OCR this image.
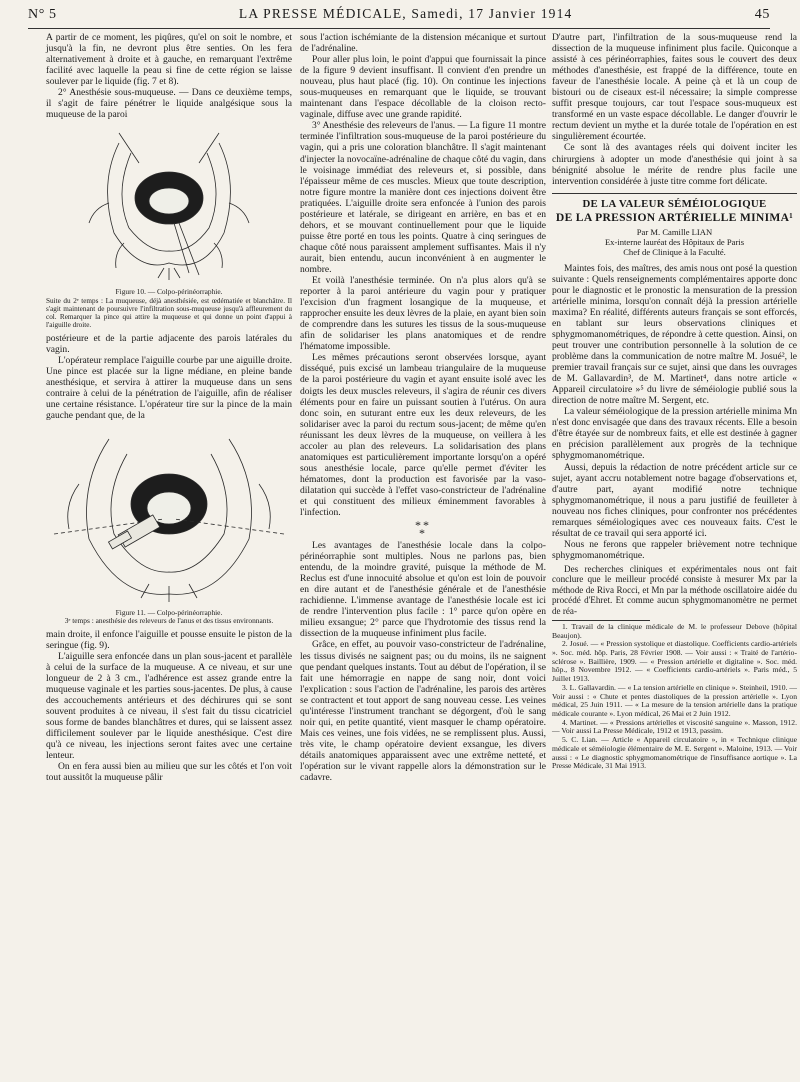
N° 5	LA PRESSE MÉDICALE, Samedi, 17 Janvier 1914	45

A partir de ce moment, les piqûres, qu'el on soit le nombre, et jusqu'à la fin, ne devront plus être senties. On les fera alternativement à droite et à gauche, en remarquant l'extrême facilité avec laquelle la peau si fine de cette région se laisse soulever par le liquide (fig. 7 et 8).

2° Anesthésie sous-muqueuse. — Dans ce deuxième temps, il s'agit de faire pénétrer le liquide analgésique sous la muqueuse de la paroi

Figure 10. — Colpo-périnéorraphie.
Suite du 2ᵉ temps : La muqueuse, déjà anesthésiée, est œdématiée et blanchâtre. Il s'agit maintenant de poursuivre l'infiltration sous-muqueuse jusqu'à affleurement du col. Remarquer la pince qui attire la muqueuse et qui donne un point d'appui à l'aiguille droite.

postérieure et de la partie adjacente des parois latérales du vagin.

L'opérateur remplace l'aiguille courbe par une aiguille droite. Une pince est placée sur la ligne médiane, en pleine bande anesthésique, et servira à attirer la muqueuse dans un sens contraire à celui de la pénétration de l'aiguille, afin de réaliser une certaine résistance. L'opérateur tire sur la pince de la main gauche pendant que, de la

Figure 11. — Colpo-périnéorraphie.
3ᵉ temps : anesthésie des releveurs de l'anus et des tissus environnants.

main droite, il enfonce l'aiguille et pousse ensuite le piston de la seringue (fig. 9).

L'aiguille sera enfoncée dans un plan sous-jacent et parallèle à celui de la surface de la muqueuse. A ce niveau, et sur une longueur de 2 à 3 cm., l'adhérence est assez grande entre la muqueuse vaginale et les parties sous-jacentes. De plus, à cause des accouchements antérieurs et des déchirures qui se sont souvent produites à ce niveau, il s'est fait du tissu cicatriciel sous forme de bandes blanchâtres et dures, qui se laissent assez difficilement soulever par le liquide anesthésique. C'est dire qu'à ce niveau, les injections seront faites avec une certaine lenteur.

On en fera aussi bien au milieu que sur les côtés et l'on voit tout aussitôt la muqueuse pâlir

sous l'action ischémiante de la distension mécanique et surtout de l'adrénaline.

Pour aller plus loin, le point d'appui que fournissait la pince de la figure 9 devient insuffisant. Il convient d'en prendre un nouveau, plus haut placé (fig. 10). On continue les injections sous-muqueuses en remarquant que le liquide, se trouvant maintenant dans l'espace décollable de la cloison recto-vaginale, diffuse avec une grande rapidité.

3° Anesthésie des releveurs de l'anus. — La figure 11 montre terminée l'infiltration sous-muqueuse de la paroi postérieure du vagin, qui a pris une coloration blanchâtre. Il s'agit maintenant d'injecter la novocaïne-adrénaline de chaque côté du vagin, dans le voisinage immédiat des releveurs et, si possible, dans l'épaisseur même de ces muscles. Mieux que toute description, notre figure montre la manière dont ces injections doivent être pratiquées. L'aiguille droite sera enfoncée à l'union des parois postérieure et latérale, se dirigeant en arrière, en bas et en dehors, et se mouvant continuellement pour que le liquide puisse être porté en tous les points. Quatre à cinq seringues de chaque côté nous paraissent amplement suffisantes. Mais il n'y aurait, bien entendu, aucun inconvénient à en augmenter le nombre.

Et voilà l'anesthésie terminée. On n'a plus alors qu'à se reporter à la paroi antérieure du vagin pour y pratiquer l'excision d'un fragment losangique de la muqueuse, et rapprocher ensuite les deux lèvres de la plaie, en ayant bien soin de comprendre dans les sutures les tissus de la sous-muqueuse afin de solidariser les plans anatomiques et de rendre l'hématome impossible.

Les mêmes précautions seront observées lorsque, ayant disséqué, puis excisé un lambeau triangulaire de la muqueuse de la paroi postérieure du vagin et ayant ensuite isolé avec les doigts les deux muscles releveurs, il s'agira de réunir ces divers éléments pour en faire un puissant soutien à l'utérus. On aura donc soin, en suturant entre eux les deux releveurs, de les solidariser avec la paroi du rectum sous-jacent; de même qu'en réunissant les deux lèvres de la muqueuse, on veillera à les accoler au plan des releveurs. La solidarisation des plans anatomiques est particulièrement importante lorsqu'on a opéré sous anesthésie locale, parce qu'elle permet d'éviter les hématomes, dont la production est favorisée par la vaso-dilatation qui succède à l'effet vaso-constricteur de l'adrénaline et qui constituent des milieux éminemment favorables à l'infection.

**
*

Les avantages de l'anesthésie locale dans la colpo-périnéorraphie sont multiples. Nous ne parlons pas, bien entendu, de la moindre gravité, puisque la méthode de M. Reclus est d'une innocuité absolue et qu'on est loin de pouvoir en dire autant et de l'anesthésie générale et de l'anesthésie rachidienne. L'immense avantage de l'anesthésie locale est ici de rendre l'intervention plus facile : 1° parce qu'on opère en milieu exsangue; 2° parce que l'hydrotomie des tissus rend la dissection de la muqueuse infiniment plus facile.

Grâce, en effet, au pouvoir vaso-constricteur de l'adrénaline, les tissus divisés ne saignent pas; ou du moins, ils ne saignent que pendant quelques instants. Tout au début de l'opération, il se fait une hémorragie en nappe de sang noir, dont voici l'explication : sous l'action de l'adrénaline, les parois des artères se contractent et tout apport de sang nouveau cesse. Les veines qu'intéresse l'instrument tranchant se dégorgent, d'où le sang noir qui, en petite quantité, vient masquer le champ opératoire. Mais ces veines, une fois vidées, ne se remplissent plus. Aussi, très vite, le champ opératoire devient exsangue, les divers détails anatomiques apparaissent avec une extrême netteté, et l'opération sur le vivant rappelle alors la démonstration sur le cadavre.

D'autre part, l'infiltration de la sous-muqueuse rend la dissection de la muqueuse infiniment plus facile. Quiconque a assisté à ces périnéorraphies, faites sous le couvert des deux méthodes d'anesthésie, est frappé de la différence, toute en faveur de l'anesthésie locale. A peine çà et là un coup de bistouri ou de ciseaux est-il nécessaire; la simple compresse suffit presque toujours, car tout l'espace sous-muqueux est transformé en un vaste espace décollable. Le danger d'ouvrir le rectum devient un mythe et la durée totale de l'opération en est singulièrement écourtée.

Ce sont là des avantages réels qui doivent inciter les chirurgiens à adopter un mode d'anesthésie qui joint à sa bénignité absolue le mérite de rendre plus facile une intervention considérée à juste titre comme fort délicate.

DE LA VALEUR SÉMÉIOLOGIQUE
DE LA PRESSION ARTÉRIELLE MINIMA¹
Par M. Camille LIAN
Ex-interne lauréat des Hôpitaux de Paris
Chef de Clinique à la Faculté.

Maintes fois, des maîtres, des amis nous ont posé la question suivante : Quels renseignements complémentaires apporte donc pour le diagnostic et le pronostic la mensuration de la pression artérielle minima, lorsqu'on connaît déjà la pression artérielle maxima? En réalité, différents auteurs français se sont efforcés, en tablant sur leurs observations cliniques et sphygmomanométriques, de répondre à cette question. Ainsi, on peut trouver une contribution personnelle à la solution de ce problème dans la communication de notre maître M. Josué², le premier travail français sur ce sujet, ainsi que dans les ouvrages de M. Gallavardin³, de M. Martinet⁴, dans notre article « Appareil circulatoire »⁵ du livre de séméiologie publié sous la direction de notre maître M. Sergent, etc.

La valeur séméiologique de la pression artérielle minima Mn n'est donc envisagée que dans des travaux récents. Elle a besoin d'être étayée sur de nombreux faits, et elle est destinée à gagner en précision parallèlement aux progrès de la technique sphygmomanométrique.

Aussi, depuis la rédaction de notre précédent article sur ce sujet, ayant accru notablement notre bagage d'observations et, d'autre part, ayant modifié notre technique sphygmomanométrique, il nous a paru justifié de feuilleter à nouveau nos fiches cliniques, pour confronter nos précédentes remarques séméiologiques avec ces nouveaux faits. C'est le résultat de ce travail qui sera apporté ici.

Nous ne ferons que rappeler brièvement notre technique sphygmomanométrique.

Des recherches cliniques et expérimentales nous ont fait conclure que le meilleur procédé consiste à mesurer Mx par la méthode de Riva Rocci, et Mn par la méthode oscillatoire aidée du procédé d'Ehret. Et comme aucun sphygmomanomètre ne permet de réa-

1. Travail de la clinique médicale de M. le professeur Debove (hôpital Beaujon).

2. Josué. — « Pression systolique et diastolique. Coefficients cardio-artériels ». Soc. méd. hôp. Paris, 28 Février 1908. — Voir aussi : « Traité de l'artério-sclérose ». Baillière, 1909. — « Pression artérielle et digitaline ». Soc. méd. hôp., 8 Novembre 1912. — « Coefficients cardio-artériels ». Paris méd., 5 Juillet 1913.

3. L. Gallavardin. — « La tension artérielle en clinique ». Steinheil, 1910. — Voir aussi : « Chute et pentes diastoliques de la pression artérielle ». Lyon médical, 25 Juin 1911. — « La mesure de la tension artérielle dans la pratique médicale courante ». Lyon médical, 26 Mai et 2 Juin 1912.

4. Martinet. — « Pressions artérielles et viscosité sanguine ». Masson, 1912. — Voir aussi La Presse Médicale, 1912 et 1913, passim.

5. C. Lian. — Article « Appareil circulatoire », in « Technique clinique médicale et séméiologie élémentaire de M. E. Sergent ». Maloine, 1913. — Voir aussi : « Le diagnostic sphygmomanométrique de l'insuffisance aortique ». La Presse Médicale, 31 Mai 1913.
